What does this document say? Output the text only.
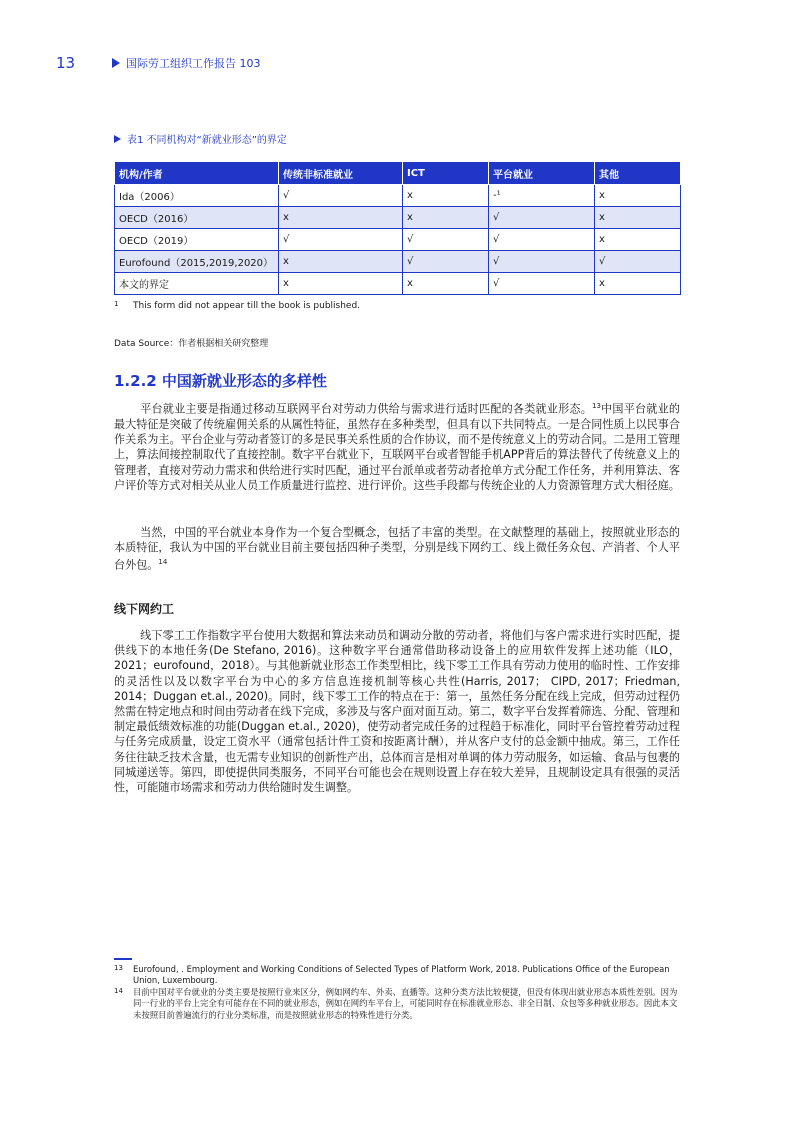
13	国际劳工组织工作报告 103
表1 不同机构对“新就业形态”的界定
机构/作者	传统非标准就业	ICT	平台就业	其他
Ida（2006）	√	x	-¹	x
OECD（2016）	x	x	√	x
OECD（2019）	√	√	√	x
Eurofound（2015,2019,2020）	x	√	√	√
本文的界定	x	x	√	x
1 This form did not appear till the book is published.
Data Source：作者根据相关研究整理
1.2.2 中国新就业形态的多样性
平台就业主要是指通过移动互联网平台对劳动力供给与需求进行适时匹配的各类就业形态。$^{13}$中国平台就业的最大特征是突破了传统雇佣关系的从属性特征，虽然存在多种类型，但具有以下共同特点。一是合同性质上以民事合作关系为主。平台企业与劳动者签订的多是民事关系性质的合作协议，而不是传统意义上的劳动合同。二是用工管理上，算法间接控制取代了直接控制。数字平台就业下，互联网平台或者智能手机APP背后的算法替代了传统意义上的管理者，直接对劳动力需求和供给进行实时匹配，通过平台派单或者劳动者抢单方式分配工作任务，并利用算法、客户评价等方式对相关从业人员工作质量进行监控、进行评价。这些手段都与传统企业的人力资源管理方式大相径庭。
当然，中国的平台就业本身作为一个复合型概念，包括了丰富的类型。在文献整理的基础上，按照就业形态的本质特征，我认为中国的平台就业目前主要包括四种子类型，分别是线下网约工、线上微任务众包、产消者、个人平台外包。$^{14}$
线下网约工
线下零工工作指数字平台使用大数据和算法来动员和调动分散的劳动者，将他们与客户需求进行实时匹配，提供线下的本地任务(De Stefano, 2016)。这种数字平台通常借助移动设备上的应用软件发挥上述功能（ILO，2021；eurofound，2018）。与其他新就业形态工作类型相比，线下零工工作具有劳动力使用的临时性、工作安排的灵活性以及以数字平台为中心的多方信息连接机制等核心共性(Harris, 2017； CIPD, 2017；Friedman, 2014；Duggan et.al., 2020)。同时，线下零工工作的特点在于：第一，虽然任务分配在线上完成，但劳动过程仍然需在特定地点和时间由劳动者在线下完成，多涉及与客户面对面互动。第二，数字平台发挥着筛选、分配、管理和制定最低绩效标准的功能(Duggan et.al., 2020)，使劳动者完成任务的过程趋于标准化，同时平台管控着劳动过程与任务完成质量，设定工资水平（通常包括计件工资和按距离计酬），并从客户支付的总金额中抽成。第三，工作任务往往缺乏技术含量，也无需专业知识的创新性产出，总体而言是相对单调的体力劳动服务，如运输、食品与包裹的同城递送等。第四，即使提供同类服务，不同平台可能也会在规则设置上存在较大差异，且规制设定具有很强的灵活性，可能随市场需求和劳动力供给随时发生调整。
13 Eurofound, . Employment and Working Conditions of Selected Types of Platform Work, 2018. Publications Office of the European Union, Luxembourg.
14 目前中国对平台就业的分类主要是按照行业来区分，例如网约车、外卖、直播等。这种分类方法比较便捷，但没有体现出就业形态本质性差别。因为同一行业的平台上完全有可能存在不同的就业形态，例如在网约车平台上，可能同时存在标准就业形态、非全日制、众包等多种就业形态。因此本文未按照目前普遍流行的行业分类标准，而是按照就业形态的特殊性进行分类。
